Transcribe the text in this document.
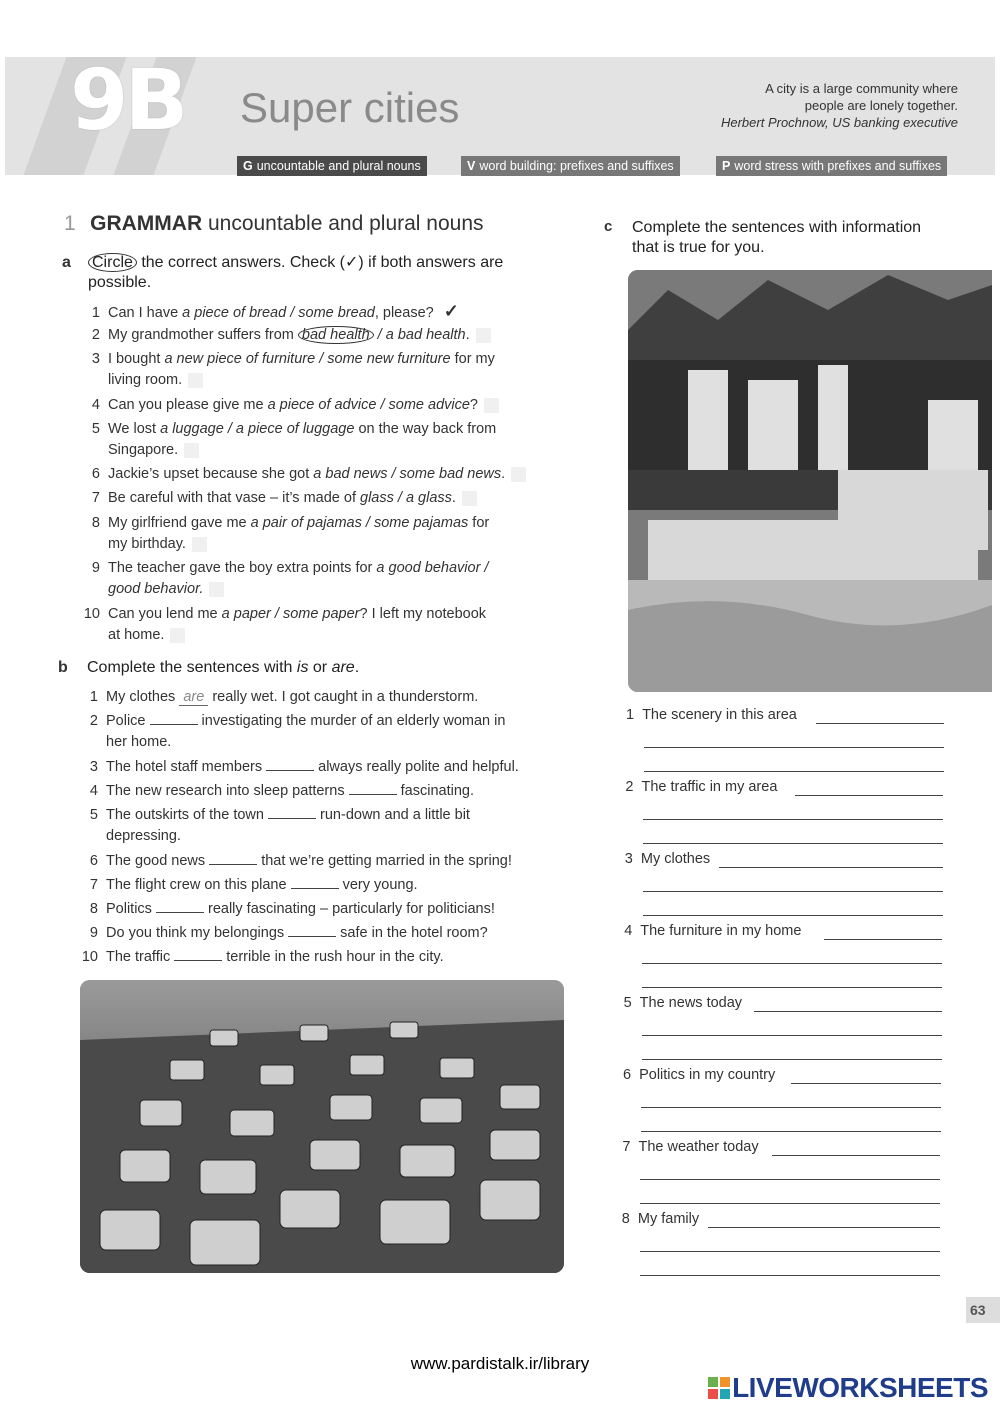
9B Super cities	A city is a large community where
people are lonely together.
Herbert Prochnow, US banking executive
G uncountable and plural nouns	V word building: prefixes and suffixes	P word stress with prefixes and suffixes
1 GRAMMAR uncountable and plural nouns
a Circle the correct answers. Check (✓) if both answers are
possible.
1 Can I have a piece of bread / some bread, please? ✓
2 My grandmother suffers from bad health / a bad health.
3 I bought a new piece of furniture / some new furniture for my
living room.
4 Can you please give me a piece of advice / some advice?
5 We lost a luggage / a piece of luggage on the way back from
Singapore.
6 Jackie’s upset because she got a bad news / some bad news.
7 Be careful with that vase – it’s made of glass / a glass.
8 My girlfriend gave me a pair of pajamas / some pajamas for
my birthday.
9 The teacher gave the boy extra points for a good behavior /
good behavior.
10 Can you lend me a paper / some paper? I left my notebook
at home.
b Complete the sentences with is or are.
1 My clothes are really wet. I got caught in a thunderstorm.
2 Police	investigating the murder of an elderly woman in
her home.
3 The hotel staff members	always really polite and helpful.
4 The new research into sleep patterns	fascinating.
5 The outskirts of the town	run-down and a little bit
depressing.
6 The good news	that we’re getting married in the spring!
7 The flight crew on this plane	very young.
8 Politics	really fascinating – particularly for politicians!
9 Do you think my belongings	safe in the hotel room?
10 The traffic	terrible in the rush hour in the city.
c Complete the sentences with information
that is true for you.
1 The scenery in this area
2 The traffic in my area
3 My clothes
4 The furniture in my home
5 The news today
6 Politics in my country
7 The weather today
8 My family
63
www.pardistalk.ir/library
LIVEWORKSHEETS
